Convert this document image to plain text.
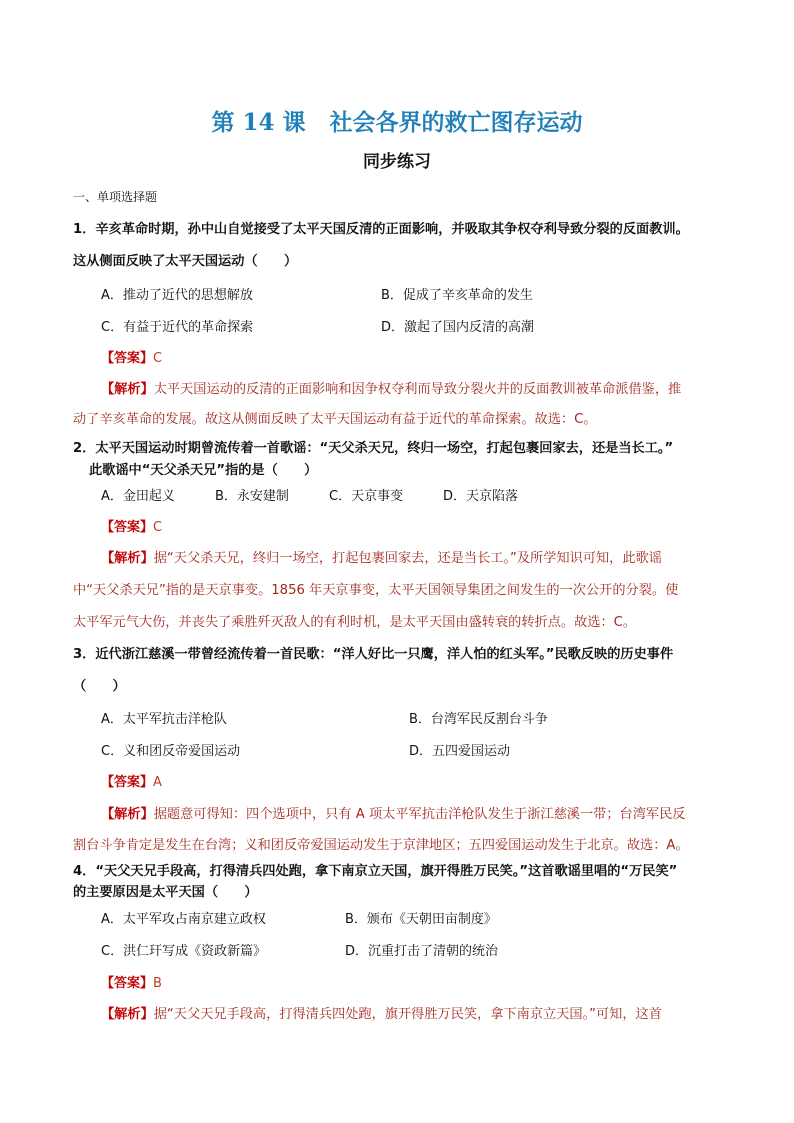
第 14 课 社会各界的救亡图存运动
同步练习
一、单项选择题
1．辛亥革命时期，孙中山自觉接受了太平天国反清的正面影响，并吸取其争权夺利导致分裂的反面教训。
这从侧面反映了太平天国运动（　　）
A．推动了近代的思想解放	B．促成了辛亥革命的发生
C．有益于近代的革命探索	D．激起了国内反清的高潮
【答案】C
【解析】太平天国运动的反清的正面影响和因争权夺利而导致分裂火并的反面教训被革命派借鉴，推
动了辛亥革命的发展。故这从侧面反映了太平天国运动有益于近代的革命探索。故选：C。
2．太平天国运动时期曾流传着一首歌谣：“天父杀天兄，终归一场空，打起包裹回家去，还是当长工。”
此歌谣中“天父杀天兄”指的是（　　）
A．金田起义	B．永安建制	C．天京事变	D．天京陷落
【答案】C
【解析】据“天父杀天兄，终归一场空，打起包裹回家去，还是当长工。”及所学知识可知，此歌谣
中“天父杀天兄”指的是天京事变。1856 年天京事变，太平天国领导集团之间发生的一次公开的分裂。使
太平军元气大伤，并丧失了乘胜歼灭敌人的有利时机，是太平天国由盛转衰的转折点。故选：C。
3．近代浙江慈溪一带曾经流传着一首民歌：“洋人好比一只鹰，洋人怕的红头军。”民歌反映的历史事件
（　　）
A．太平军抗击洋枪队	B．台湾军民反割台斗争
C．义和团反帝爱国运动	D．五四爱国运动
【答案】A
【解析】据题意可得知：四个选项中，只有 A 项太平军抗击洋枪队发生于浙江慈溪一带；台湾军民反
割台斗争肯定是发生在台湾；义和团反帝爱国运动发生于京津地区；五四爱国运动发生于北京。故选：A。
4．“天父天兄手段高，打得清兵四处跑，拿下南京立天国，旗开得胜万民笑。”这首歌谣里唱的“万民笑”
的主要原因是太平天国（　　）
A．太平军攻占南京建立政权	B．颁布《天朝田亩制度》
C．洪仁玕写成《资政新篇》	D．沉重打击了清朝的统治
【答案】B
【解析】据“天父天兄手段高，打得清兵四处跑，旗开得胜万民笑，拿下南京立天国。”可知，这首
